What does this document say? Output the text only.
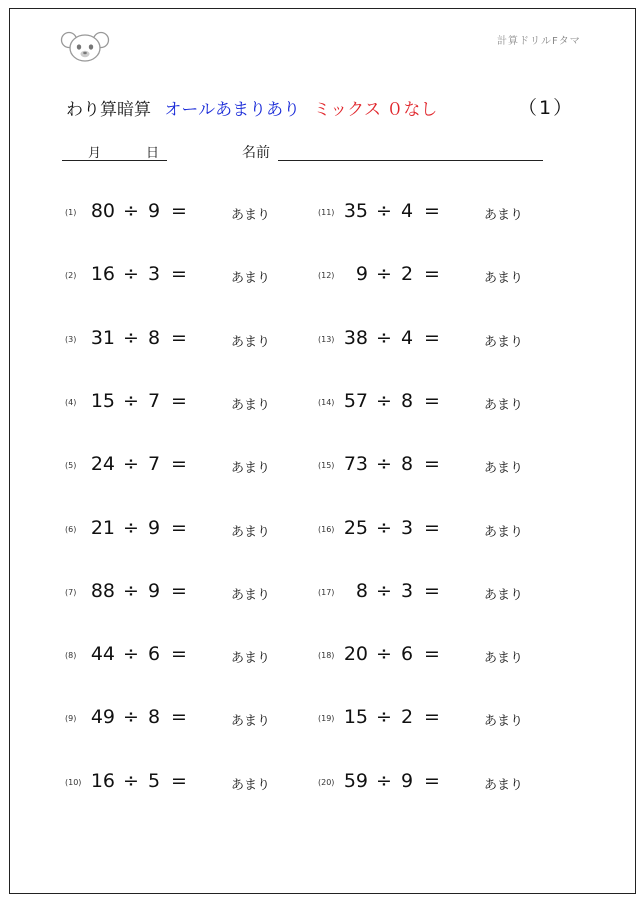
計算ドリルFタマ
わり算暗算 オールあまりあり ミックス ０なし	（1）
月	日	名前
(1) 80 ÷ 9 =	あまり
(2) 16 ÷ 3 =	あまり
(3) 31 ÷ 8 =	あまり
(4) 15 ÷ 7 =	あまり
(5) 24 ÷ 7 =	あまり
(6) 21 ÷ 9 =	あまり
(7) 88 ÷ 9 =	あまり
(8) 44 ÷ 6 =	あまり
(9) 49 ÷ 8 =	あまり
(10) 16 ÷ 5 =	あまり
(11) 35 ÷ 4 =	あまり
(12)	9 ÷ 2 =	あまり
(13) 38 ÷ 4 =	あまり
(14) 57 ÷ 8 =	あまり
(15) 73 ÷ 8 =	あまり
(16) 25 ÷ 3 =	あまり
(17)	8 ÷ 3 =	あまり
(18) 20 ÷ 6 =	あまり
(19) 15 ÷ 2 =	あまり
(20) 59 ÷ 9 =	あまり
